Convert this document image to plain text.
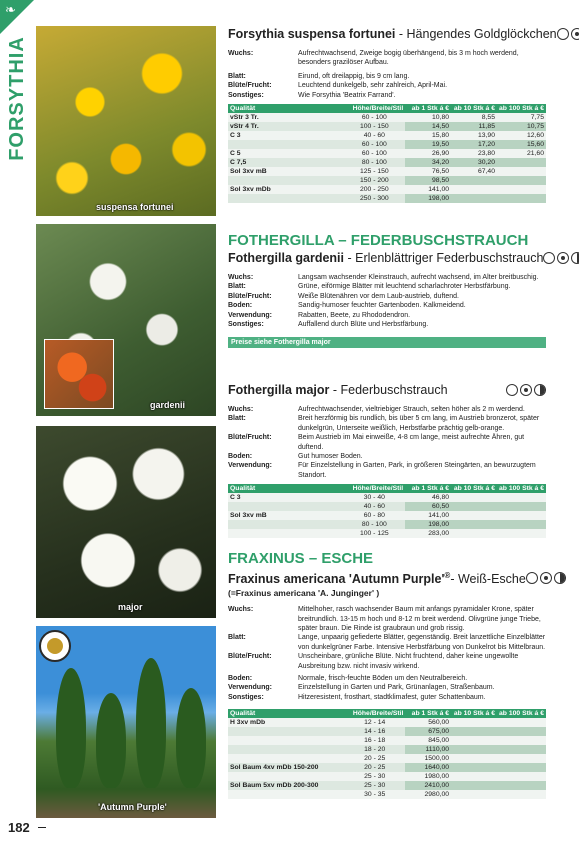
❧
FORSYTHIA
182
suspensa fortunei
gardenii
major
'Autumn Purple'
Forsythia suspensa fortunei - Hängendes Goldglöckchen
Wuchs:	Aufrechtwachsend, Zweige bogig überhängend, bis 3 m hoch werdend, besonders grazilöser Aufbau.
Blatt:	Eirund, oft dreilappig, bis 9 cm lang.
Blüte/Frucht:	Leuchtend dunkelgelb, sehr zahlreich, April-Mai.
Sonstiges:	Wie Forsythia 'Beatrix Farrand'.
Qualität	Höhe/Breite/Stil	ab 1 Stk á €	ab 10 Stk á €	ab 100 Stk á €
vStr 3 Tr.	60 - 100	10,80	8,55	7,75
vStr 4 Tr.	100 - 150	14,50	11,85	10,75
C 3	40 - 60	15,80	13,90	12,60
	60 - 100	19,50	17,20	15,60
C 5	60 - 100	26,90	23,80	21,60
C 7,5	80 - 100	34,20	30,20	
Sol 3xv mB	125 - 150	76,50	67,40	
	150 - 200	98,50		
Sol 3xv mDb	200 - 250	141,00		
	250 - 300	198,00		
FOTHERGILLA – FEDERBUSCHSTRAUCH
Fothergilla gardenii - Erlenblättriger Federbuschstrauch
Wuchs:	Langsam wachsender Kleinstrauch, aufrecht wachsend, im Alter breitbuschig.
Blatt:	Grüne, eiförmige Blätter mit leuchtend scharlachroter Herbstfärbung.
Blüte/Frucht:	Weiße Blütenähren vor dem Laub-austrieb, duftend.
Boden:	Sandig-humoser feuchter Gartenboden. Kalkmeidend.
Verwendung:	Rabatten, Beete, zu Rhododendron.
Sonstiges:	Auffallend durch Blüte und Herbstfärbung.
Preise siehe Fothergilla major
Fothergilla major - Federbuschstrauch
Wuchs:	Aufrechtwachsender, vieltriebiger Strauch, selten höher als 2 m werdend.
Blatt:	Breit herzförmig bis rundlich, bis über 5 cm lang, im Austrieb bronzerot, später dunkelgrün, Unterseite weißlich, Herbstfarbe prächtig gelb-orange.
Blüte/Frucht:	Beim Austrieb im Mai einweiße, 4-8 cm lange, meist aufrechte Ähren, gut duftend.
Boden:	Gut humoser Boden.
Verwendung:	Für Einzelstellung in Garten, Park, in größeren Steingärten, an bewurzugtem Standort.
Qualität	Höhe/Breite/Stil	ab 1 Stk á €	ab 10 Stk á €	ab 100 Stk á €
C 3	30 - 40	46,80		
	40 - 60	60,50		
Sol 3xv mB	60 - 80	141,00		
	80 - 100	198,00		
	100 - 125	283,00		
FRAXINUS – ESCHE
Fraxinus americana 'Autumn Purple'®- Weiß-Esche
(=Fraxinus americana 'A. Junginger' )
Wuchs:	Mittelhoher, rasch wachsender Baum mit anfangs pyramidaler Krone, später breitrundlich. 13-15 m hoch und 8-12 m breit werdend. Olivgrüne junge Triebe, später braun. Die Rinde ist graubraun und grob rissig.
Blatt:	Lange, unpaarig gefiederte Blätter, gegenständig. Breit lanzettliche Einzelblätter von dunkelgrüner Farbe. Intensive Herbstfärbung von Dunkelrot bis Mittelbraun.
Blüte/Frucht:	Unscheinbare, grünliche Blüte. Nicht fruchtend, daher keine ungewollte Ausbreitung bzw. nicht invasiv wirkend.
Boden:	Normale, frisch-feuchte Böden um den Neutralbereich.
Verwendung:	Einzelstellung in Garten und Park, Grünanlagen, Straßenbaum.
Sonstiges:	Hitzeresistent, frosthart, stadtklimafest, guter Schattenbaum.
Qualität	Höhe/Breite/Stil	ab 1 Stk á €	ab 10 Stk á €	ab 100 Stk á €
H 3xv mDb	12 - 14	560,00		
	14 - 16	675,00		
	16 - 18	845,00		
	18 - 20	1110,00		
	20 - 25	1500,00		
Sol Baum 4xv mDb 150-200	20 - 25	1640,00		
	25 - 30	1980,00		
Sol Baum 5xv mDb 200-300	25 - 30	2410,00		
	30 - 35	2980,00		
